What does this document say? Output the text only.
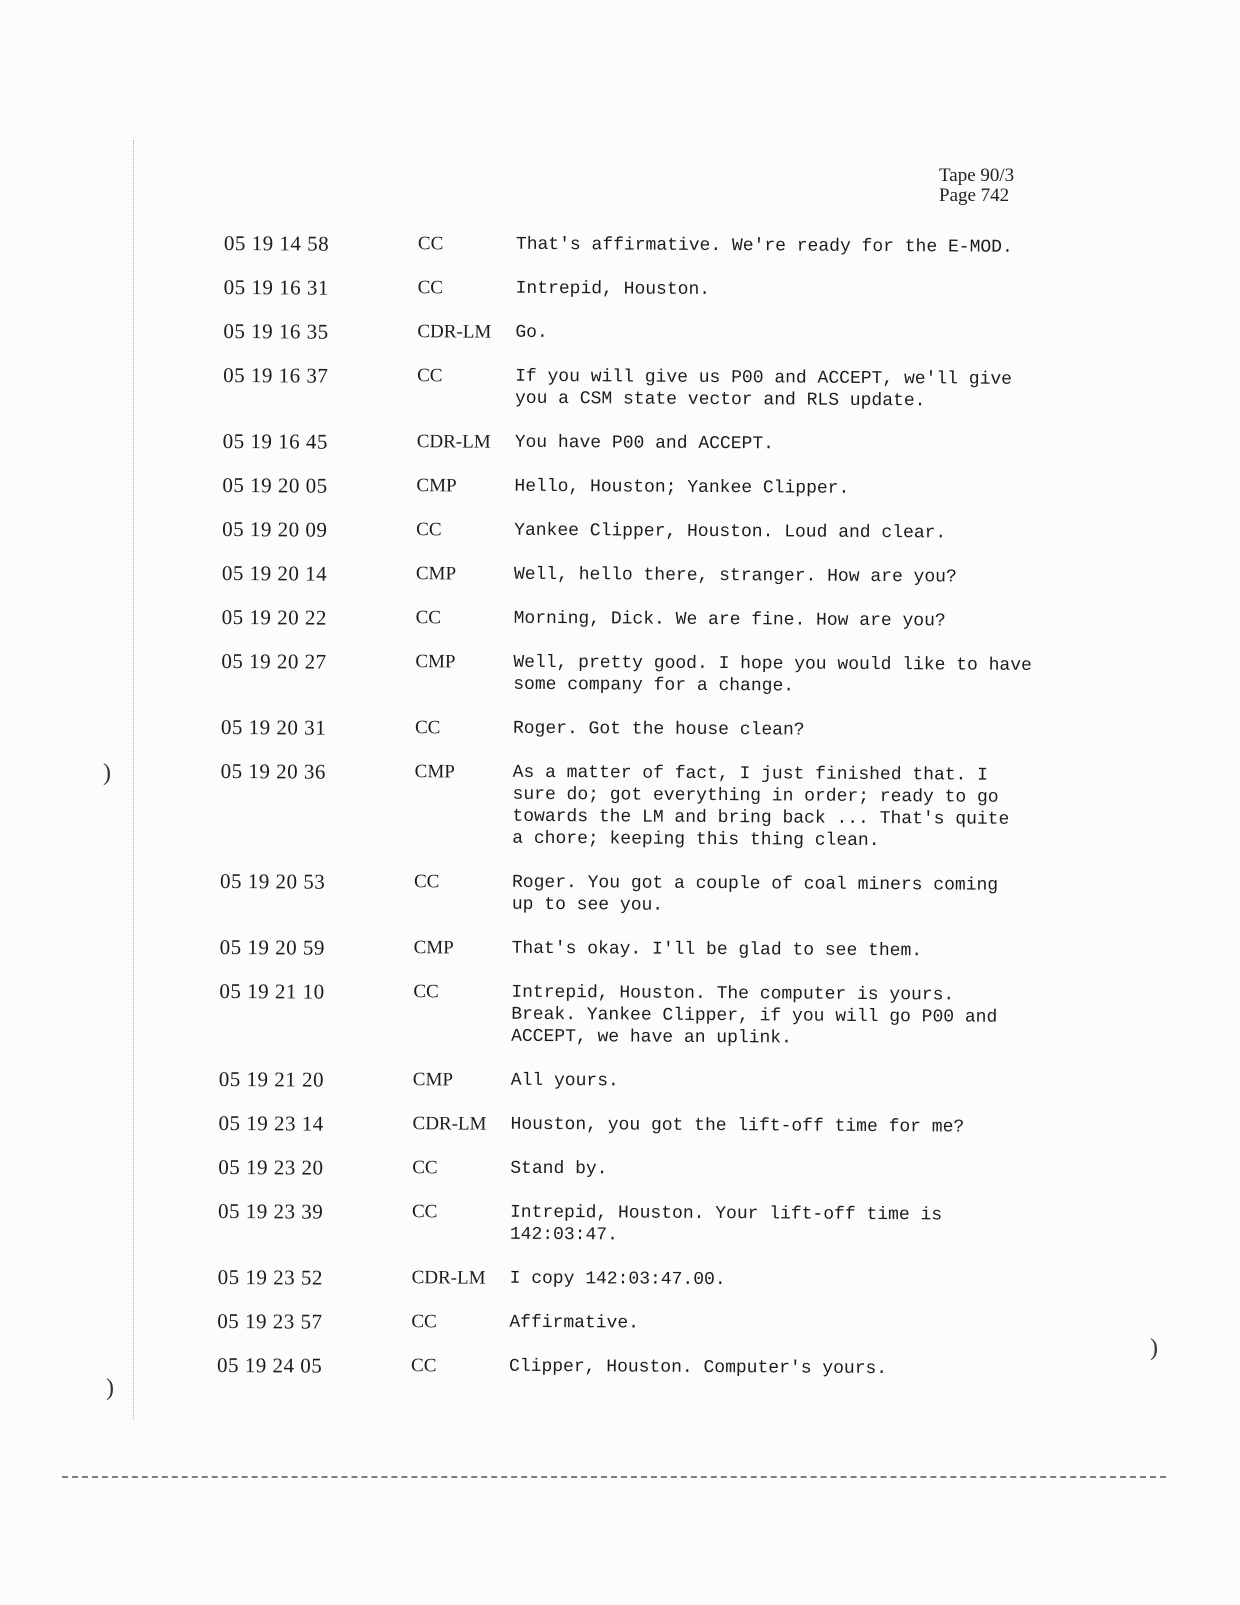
)
)
)
Tape 90/3
Page 742
05 19 14 58	CC	That's affirmative. We're ready for the E-MOD.
05 19 16 31	CC	Intrepid, Houston.
05 19 16 35	CDR-LM	Go.
05 19 16 37	CC	If you will give us P00 and ACCEPT, we'll give
you a CSM state vector and RLS update.
05 19 16 45	CDR-LM	You have P00 and ACCEPT.
05 19 20 05	CMP	Hello, Houston; Yankee Clipper.
05 19 20 09	CC	Yankee Clipper, Houston. Loud and clear.
05 19 20 14	CMP	Well, hello there, stranger. How are you?
05 19 20 22	CC	Morning, Dick. We are fine. How are you?
05 19 20 27	CMP	Well, pretty good. I hope you would like to have
some company for a change.
05 19 20 31	CC	Roger. Got the house clean?
05 19 20 36	CMP	As a matter of fact, I just finished that. I
sure do; got everything in order; ready to go
towards the LM and bring back ... That's quite
a chore; keeping this thing clean.
05 19 20 53	CC	Roger. You got a couple of coal miners coming
up to see you.
05 19 20 59	CMP	That's okay. I'll be glad to see them.
05 19 21 10	CC	Intrepid, Houston. The computer is yours.
Break. Yankee Clipper, if you will go P00 and
ACCEPT, we have an uplink.
05 19 21 20	CMP	All yours.
05 19 23 14	CDR-LM	Houston, you got the lift-off time for me?
05 19 23 20	CC	Stand by.
05 19 23 39	CC	Intrepid, Houston. Your lift-off time is
142:03:47.
05 19 23 52	CDR-LM	I copy 142:03:47.00.
05 19 23 57	CC	Affirmative.
05 19 24 05	CC	Clipper, Houston. Computer's yours.
